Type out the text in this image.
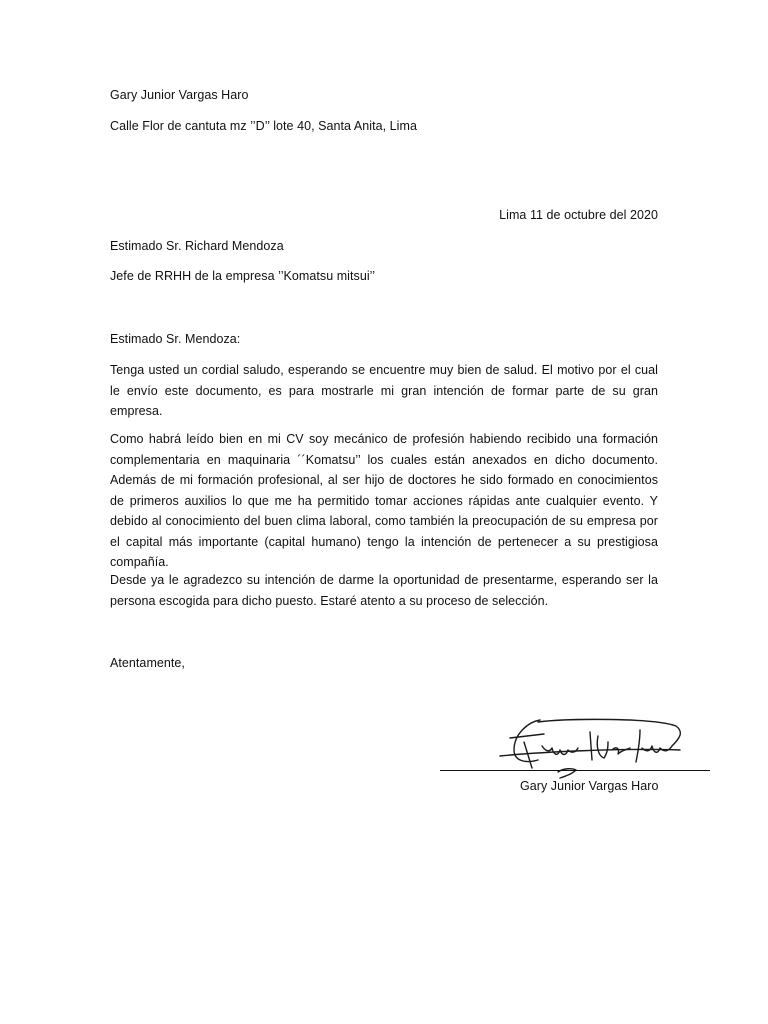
Gary Junior Vargas Haro
Calle Flor de cantuta mz ’’D’’ lote 40, Santa Anita, Lima
Lima 11 de octubre del 2020
Estimado Sr. Richard Mendoza
Jefe de RRHH de la empresa ’’Komatsu mitsui’’
Estimado Sr. Mendoza:

Tenga usted un cordial saludo, esperando se encuentre muy bien de salud. El motivo por el cual le envío este documento, es para mostrarle mi gran intención de formar parte de su gran empresa.

Como habrá leído bien en mi CV soy mecánico de profesión habiendo recibido una formación complementaria en maquinaria ´´Komatsu’’ los cuales están anexados en dicho documento. Además de mi formación profesional, al ser hijo de doctores he sido formado en conocimientos de primeros auxilios lo que me ha permitido tomar acciones rápidas ante cualquier evento. Y debido al conocimiento del buen clima laboral, como también la preocupación de su empresa por el capital más importante (capital humano) tengo la intención de pertenecer a su prestigiosa compañía.

Desde ya le agradezco su intención de darme la oportunidad de presentarme, esperando ser la persona escogida para dicho puesto. Estaré atento a su proceso de selección.

Atentamente,
Gary Junior Vargas Haro
